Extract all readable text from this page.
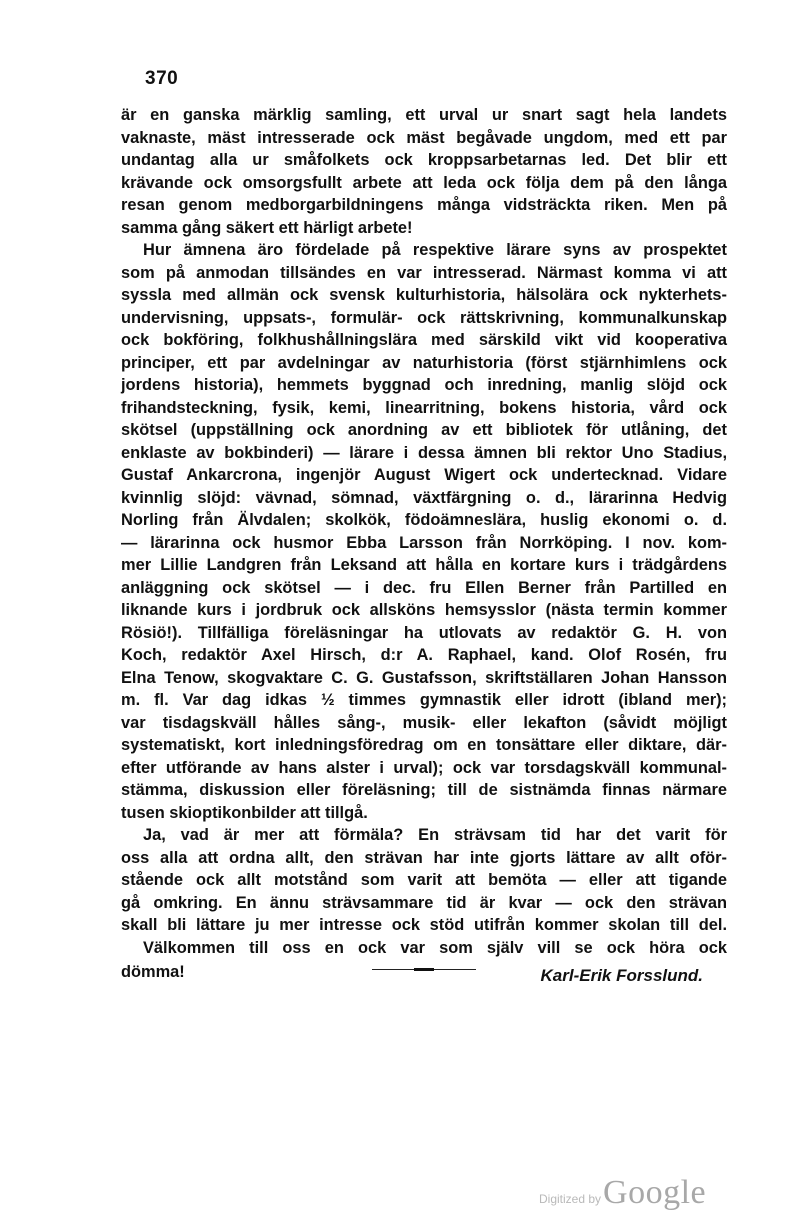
370
är en ganska märklig samling, ett urval ur snart sagt hela landets
vaknaste, mäst intresserade ock mäst begåvade ungdom, med ett par
undantag alla ur småfolkets ock kroppsarbetarnas led. Det blir ett
krävande ock omsorgsfullt arbete att leda ock följa dem på den långa
resan genom medborgarbildningens många vidsträckta riken. Men på
samma gång säkert ett härligt arbete!
Hur ämnena äro fördelade på respektive lärare syns av prospektet
som på anmodan tillsändes en var intresserad. Närmast komma vi att
syssla med allmän ock svensk kulturhistoria, hälsolära ock nykterhets-
undervisning, uppsats-, formulär- ock rättskrivning, kommunalkunskap
ock bokföring, folkhushållningslära med särskild vikt vid kooperativa
principer, ett par avdelningar av naturhistoria (först stjärnhimlens ock
jordens historia), hemmets byggnad och inredning, manlig slöjd ock
frihandsteckning, fysik, kemi, linearritning, bokens historia, vård ock
skötsel (uppställning ock anordning av ett bibliotek för utlåning, det
enklaste av bokbinderi) — lärare i dessa ämnen bli rektor Uno Stadius,
Gustaf Ankarcrona, ingenjör August Wigert ock undertecknad. Vidare
kvinnlig slöjd: vävnad, sömnad, växtfärgning o. d., lärarinna Hedvig
Norling från Älvdalen; skolkök, födoämneslära, huslig ekonomi o. d.
— lärarinna ock husmor Ebba Larsson från Norrköping. I nov. kom-
mer Lillie Landgren från Leksand att hålla en kortare kurs i trädgårdens
anläggning ock skötsel — i dec. fru Ellen Berner från Partilled en
liknande kurs i jordbruk ock allsköns hemsysslor (nästa termin kommer
Rösiö!). Tillfälliga föreläsningar ha utlovats av redaktör G. H. von
Koch, redaktör Axel Hirsch, d:r A. Raphael, kand. Olof Rosén, fru
Elna Tenow, skogvaktare C. G. Gustafsson, skriftställaren Johan Hansson
m. fl. Var dag idkas ½ timmes gymnastik eller idrott (ibland mer);
var tisdagskväll hålles sång-, musik- eller lekafton (såvidt möjligt
systematiskt, kort inledningsföredrag om en tonsättare eller diktare, där-
efter utförande av hans alster i urval); ock var torsdagskväll kommunal-
stämma, diskussion eller föreläsning; till de sistnämda finnas närmare
tusen skioptikonbilder att tillgå.
Ja, vad är mer att förmäla? En strävsam tid har det varit för
oss alla att ordna allt, den strävan har inte gjorts lättare av allt oför-
stående ock allt motstånd som varit att bemöta — eller att tigande
gå omkring. En ännu strävsammare tid är kvar — ock den strävan
skall bli lättare ju mer intresse ock stöd utifrån kommer skolan till del.
Välkommen till oss en ock var som själv vill se ock höra ock
dömma!	Karl-Erik Forsslund.
Digitized by Google
